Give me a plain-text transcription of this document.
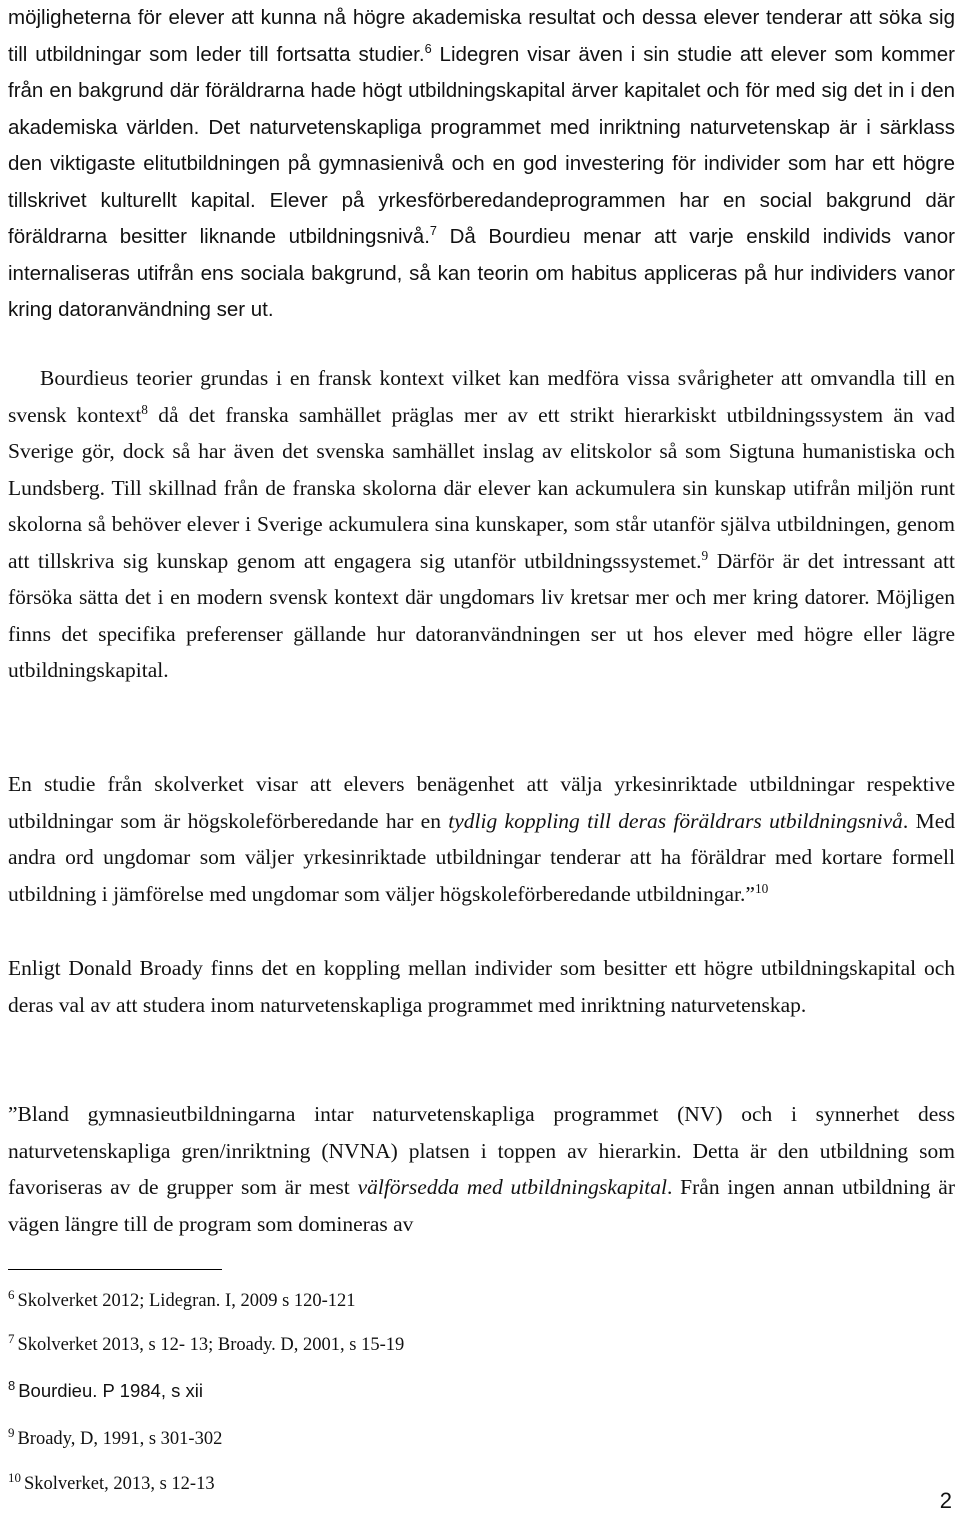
möjligheterna för elever att kunna nå högre akademiska resultat och dessa elever tenderar att söka sig till utbildningar som leder till fortsatta studier.$^6$ Lidegren visar även i sin studie att elever som kommer från en bakgrund där föräldrarna hade högt utbildningskapital ärver kapitalet och för med sig det in i den akademiska världen. Det naturvetenskapliga programmet med inriktning naturvetenskap är i särklass den viktigaste elitutbildningen på gymnasienivå och en god investering för individer som har ett högre tillskrivet kulturellt kapital. Elever på yrkesförberedandeprogrammen har en social bakgrund där föräldrarna besitter liknande utbildningsnivå.$^7$ Då Bourdieu menar att varje enskild individs vanor internaliseras utifrån ens sociala bakgrund, så kan teorin om habitus appliceras på hur individers vanor kring datoranvändning ser ut.

Bourdieus teorier grundas i en fransk kontext vilket kan medföra vissa svårigheter att omvandla till en svensk kontext$^8$ då det franska samhället präglas mer av ett strikt hierarkiskt utbildningssystem än vad Sverige gör, dock så har även det svenska samhället inslag av elitskolor så som Sigtuna humanistiska och Lundsberg. Till skillnad från de franska skolorna där elever kan ackumulera sin kunskap utifrån miljön runt skolorna så behöver elever i Sverige ackumulera sina kunskaper, som står utanför själva utbildningen, genom att tillskriva sig kunskap genom att engagera sig utanför utbildningssystemet.$^9$ Därför är det intressant att försöka sätta det i en modern svensk kontext där ungdomars liv kretsar mer och mer kring datorer. Möjligen finns det specifika preferenser gällande hur datoranvändningen ser ut hos elever med högre eller lägre utbildningskapital.

En studie från skolverket visar att elevers benägenhet att välja yrkesinriktade utbildningar respektive utbildningar som är högskoleförberedande har en tydlig koppling till deras föräldrars utbildningsnivå. Med andra ord ungdomar som väljer yrkesinriktade utbildningar tenderar att ha föräldrar med kortare formell utbildning i jämförelse med ungdomar som väljer högskoleförberedande utbildningar.”$^{10}$

Enligt Donald Broady finns det en koppling mellan individer som besitter ett högre utbildningskapital och deras val av att studera inom naturvetenskapliga programmet med inriktning naturvetenskap.

”Bland gymnasieutbildningarna intar naturvetenskapliga programmet (NV) och i synnerhet dess naturvetenskapliga gren/inriktning (NVNA) platsen i toppen av hierarkin. Detta är den utbildning som favoriseras av de grupper som är mest välförsedda med utbildningskapital. Från ingen annan utbildning är vägen längre till de program som domineras av

$^6$ Skolverket 2012; Lidegran. I, 2009 s 120-121
$^7$ Skolverket 2013, s 12- 13; Broady. D, 2001, s 15-19
$^8$ Bourdieu. P 1984, s xii
$^9$ Broady, D, 1991, s 301-302
$^{10}$ Skolverket, 2013, s 12-13
2
